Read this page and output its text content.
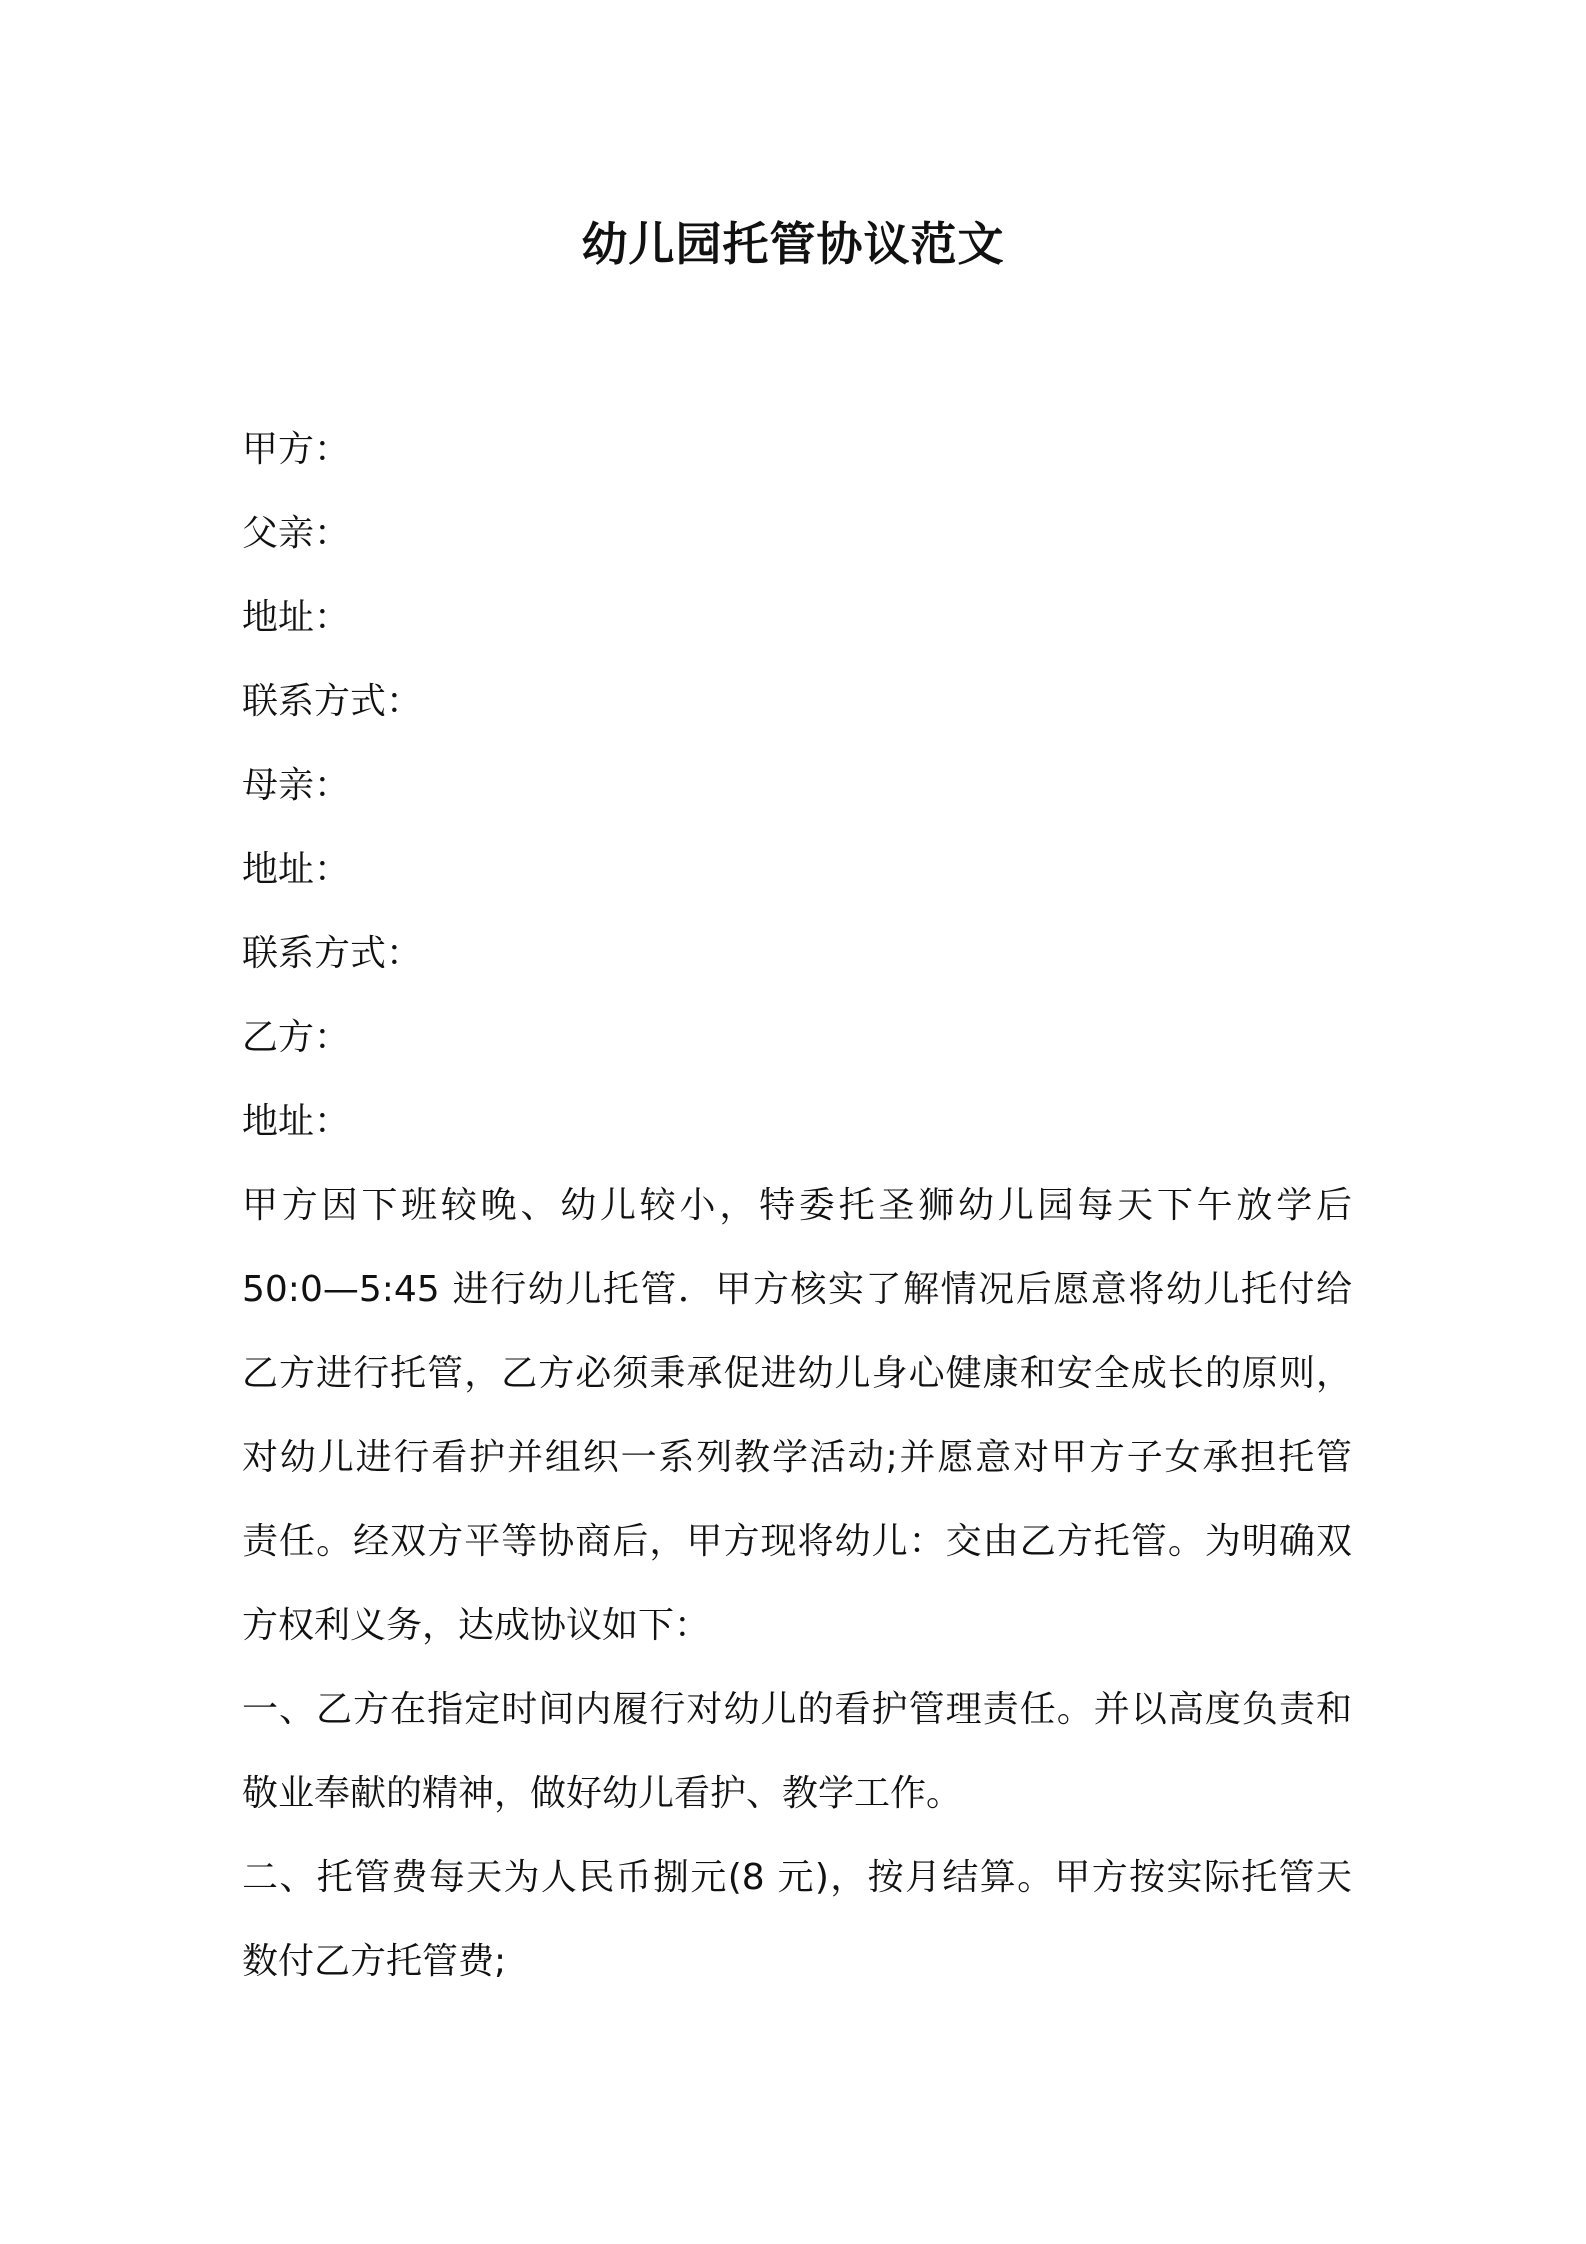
幼儿园托管协议范文
甲方：
父亲：
地址：
联系方式：
母亲：
地址：
联系方式：
乙方：
地址：
甲方因下班较晚、幼儿较小，特委托圣狮幼儿园每天下午放学后
50:0—5:45 进行幼儿托管．甲方核实了解情况后愿意将幼儿托付给
乙方进行托管，乙方必须秉承促进幼儿身心健康和安全成长的原则，
对幼儿进行看护并组织一系列教学活动;并愿意对甲方子女承担托管
责任。经双方平等协商后，甲方现将幼儿：交由乙方托管。为明确双
方权利义务，达成协议如下：
一、乙方在指定时间内履行对幼儿的看护管理责任。并以高度负责和
敬业奉献的精神，做好幼儿看护、教学工作。
二、托管费每天为人民币捌元(8 元)，按月结算。甲方按实际托管天
数付乙方托管费;
